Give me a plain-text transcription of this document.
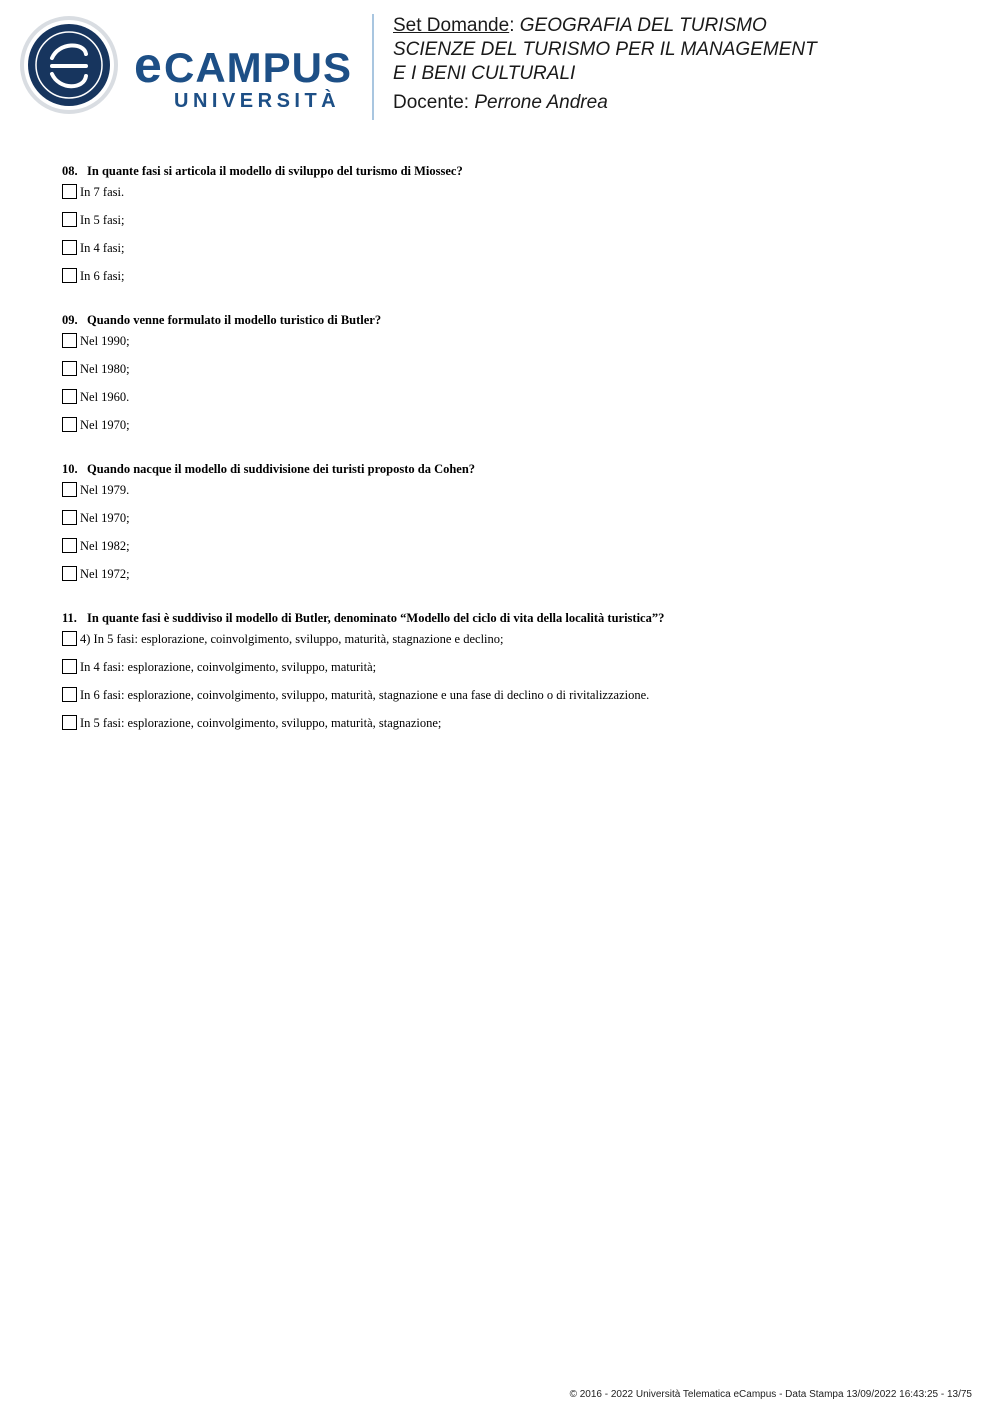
e CAMPUS
UNIVERSITÀ
Set Domande: GEOGRAFIA DEL TURISMO
SCIENZE DEL TURISMO PER IL MANAGEMENT
E I BENI CULTURALI
Docente: Perrone Andrea
08. In quante fasi si articola il modello di sviluppo del turismo di Miossec?
In 7 fasi.
In 5 fasi;
In 4 fasi;
In 6 fasi;
09. Quando venne formulato il modello turistico di Butler?
Nel 1990;
Nel 1980;
Nel 1960.
Nel 1970;
10. Quando nacque il modello di suddivisione dei turisti proposto da Cohen?
Nel 1979.
Nel 1970;
Nel 1982;
Nel 1972;
11. In quante fasi è suddiviso il modello di Butler, denominato “Modello del ciclo di vita della località turistica”?
4) In 5 fasi: esplorazione, coinvolgimento, sviluppo, maturità, stagnazione e declino;
In 4 fasi: esplorazione, coinvolgimento, sviluppo, maturità;
In 6 fasi: esplorazione, coinvolgimento, sviluppo, maturità, stagnazione e una fase di declino o di rivitalizzazione.
In 5 fasi: esplorazione, coinvolgimento, sviluppo, maturità, stagnazione;
© 2016 - 2022 Università Telematica eCampus - Data Stampa 13/09/2022 16:43:25 - 13/75
